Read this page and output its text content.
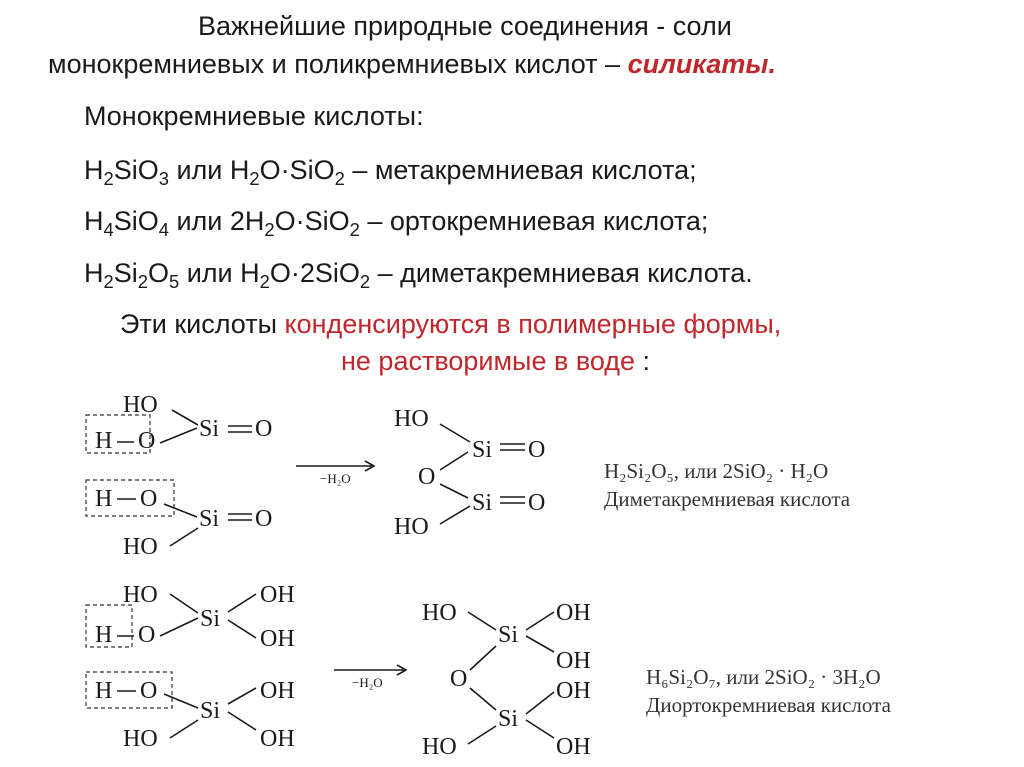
Важнейшие природные соединения - соли
монокремниевых и поликремниевых кислот – силикаты.
Монокремниевые кислоты:
$H_2SiO_3$ или $H_2O\cdot SiO_2$ – метакремниевая кислота;
$H_4SiO_4$ или $2H_2O\cdot SiO_2$ – ортокремниевая кислота;
$H_2Si_2O_5$ или $H_2O\cdot 2SiO_2$ – диметакремниевая кислота.
Эти кислоты конденсируются в полимерные формы,
не растворимые в воде :
HO
H O Si O
H O
Si O
HO
−H₂O
HO
Si O
O
Si O
HO
H₂Si₂O₅, или 2SiO₂ · H₂O
Диметакремниевая кислота
HO
H O
Si
OH
OH
H O
Si
OH
OH
HO
−H₂O
HO
Si
OH
OH
O
Si
OH
OH
HO
H₆Si₂O₇, или 2SiO₂ · 3H₂O
Диортокремниевая кислота
